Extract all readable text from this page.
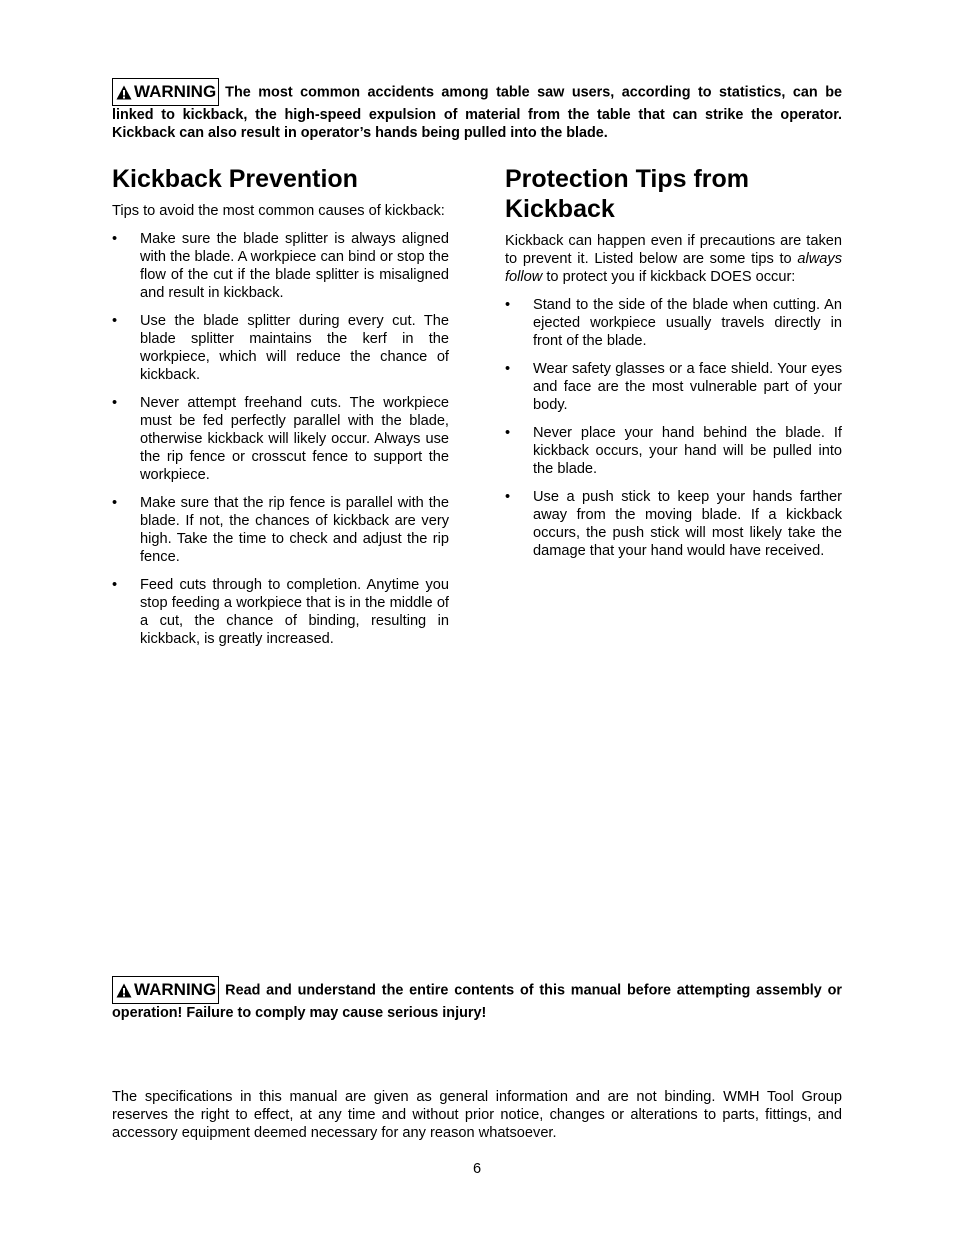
WARNING The most common accidents among table saw users, according to statistics, can be linked to kickback, the high-speed expulsion of material from the table that can strike the operator. Kickback can also result in operator’s hands being pulled into the blade.
Kickback Prevention

Tips to avoid the most common causes of kickback:

•	Make sure the blade splitter is always aligned with the blade. A workpiece can bind or stop the flow of the cut if the blade splitter is misaligned and result in kickback.
•	Use the blade splitter during every cut. The blade splitter maintains the kerf in the workpiece, which will reduce the chance of kickback.
•	Never attempt freehand cuts. The workpiece must be fed perfectly parallel with the blade, otherwise kickback will likely occur. Always use the rip fence or crosscut fence to support the workpiece.
•	Make sure that the rip fence is parallel with the blade. If not, the chances of kickback are very high. Take the time to check and adjust the rip fence.
•	Feed cuts through to completion. Anytime you stop feeding a workpiece that is in the middle of a cut, the chance of binding, resulting in kickback, is greatly increased.
Protection Tips from Kickback

Kickback can happen even if precautions are taken to prevent it. Listed below are some tips to always follow to protect you if kickback DOES occur:

•	Stand to the side of the blade when cutting. An ejected workpiece usually travels directly in front of the blade.
•	Wear safety glasses or a face shield. Your eyes and face are the most vulnerable part of your body.
•	Never place your hand behind the blade. If kickback occurs, your hand will be pulled into the blade.
•	Use a push stick to keep your hands farther away from the moving blade. If a kickback occurs, the push stick will most likely take the damage that your hand would have received.
WARNING Read and understand the entire contents of this manual before attempting assembly or operation! Failure to comply may cause serious injury!

The specifications in this manual are given as general information and are not binding. WMH Tool Group reserves the right to effect, at any time and without prior notice, changes or alterations to parts, fittings, and accessory equipment deemed necessary for any reason whatsoever.

6
